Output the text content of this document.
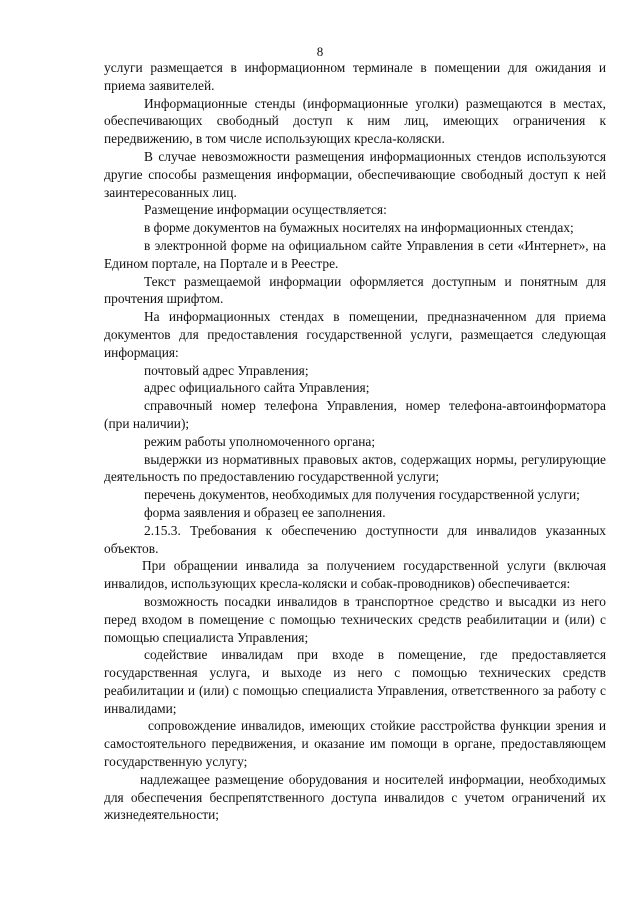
8

услуги размещается в информационном терминале в помещении для ожидания и приема заявителей.

Информационные стенды (информационные уголки) размещаются в местах, обеспечивающих свободный доступ к ним лиц, имеющих ограничения к передвижению, в том числе использующих кресла-коляски.

В случае невозможности размещения информационных стендов используются другие способы размещения информации, обеспечивающие свободный доступ к ней заинтересованных лиц.

Размещение информации осуществляется:

в форме документов на бумажных носителях на информационных стендах;

в электронной форме на официальном сайте Управления в сети «Интернет», на Едином портале, на Портале и в Реестре.

Текст размещаемой информации оформляется доступным и понятным для прочтения шрифтом.

На информационных стендах в помещении, предназначенном для приема документов для предоставления государственной услуги, размещается следующая информация:

почтовый адрес Управления;

адрес официального сайта Управления;

справочный номер телефона Управления, номер телефона-автоинформатора (при наличии);

режим работы уполномоченного органа;

выдержки из нормативных правовых актов, содержащих нормы, регулирующие деятельность по предоставлению государственной услуги;

перечень документов, необходимых для получения государственной услуги;

форма заявления и образец ее заполнения.

2.15.3. Требования к обеспечению доступности для инвалидов указанных объектов.

При обращении инвалида за получением государственной услуги (включая инвалидов, использующих кресла-коляски и собак-проводников) обеспечивается:

возможность посадки инвалидов в транспортное средство и высадки из него перед входом в помещение с помощью технических средств реабилитации и (или) с помощью специалиста Управления;

содействие инвалидам при входе в помещение, где предоставляется государственная услуга, и выходе из него с помощью технических средств реабилитации и (или) с помощью специалиста Управления, ответственного за работу с инвалидами;

сопровождение инвалидов, имеющих стойкие расстройства функции зрения и самостоятельного передвижения, и оказание им помощи в органе, предоставляющем государственную услугу;

надлежащее размещение оборудования и носителей информации, необходимых для обеспечения беспрепятственного доступа инвалидов с учетом ограничений их жизнедеятельности;
